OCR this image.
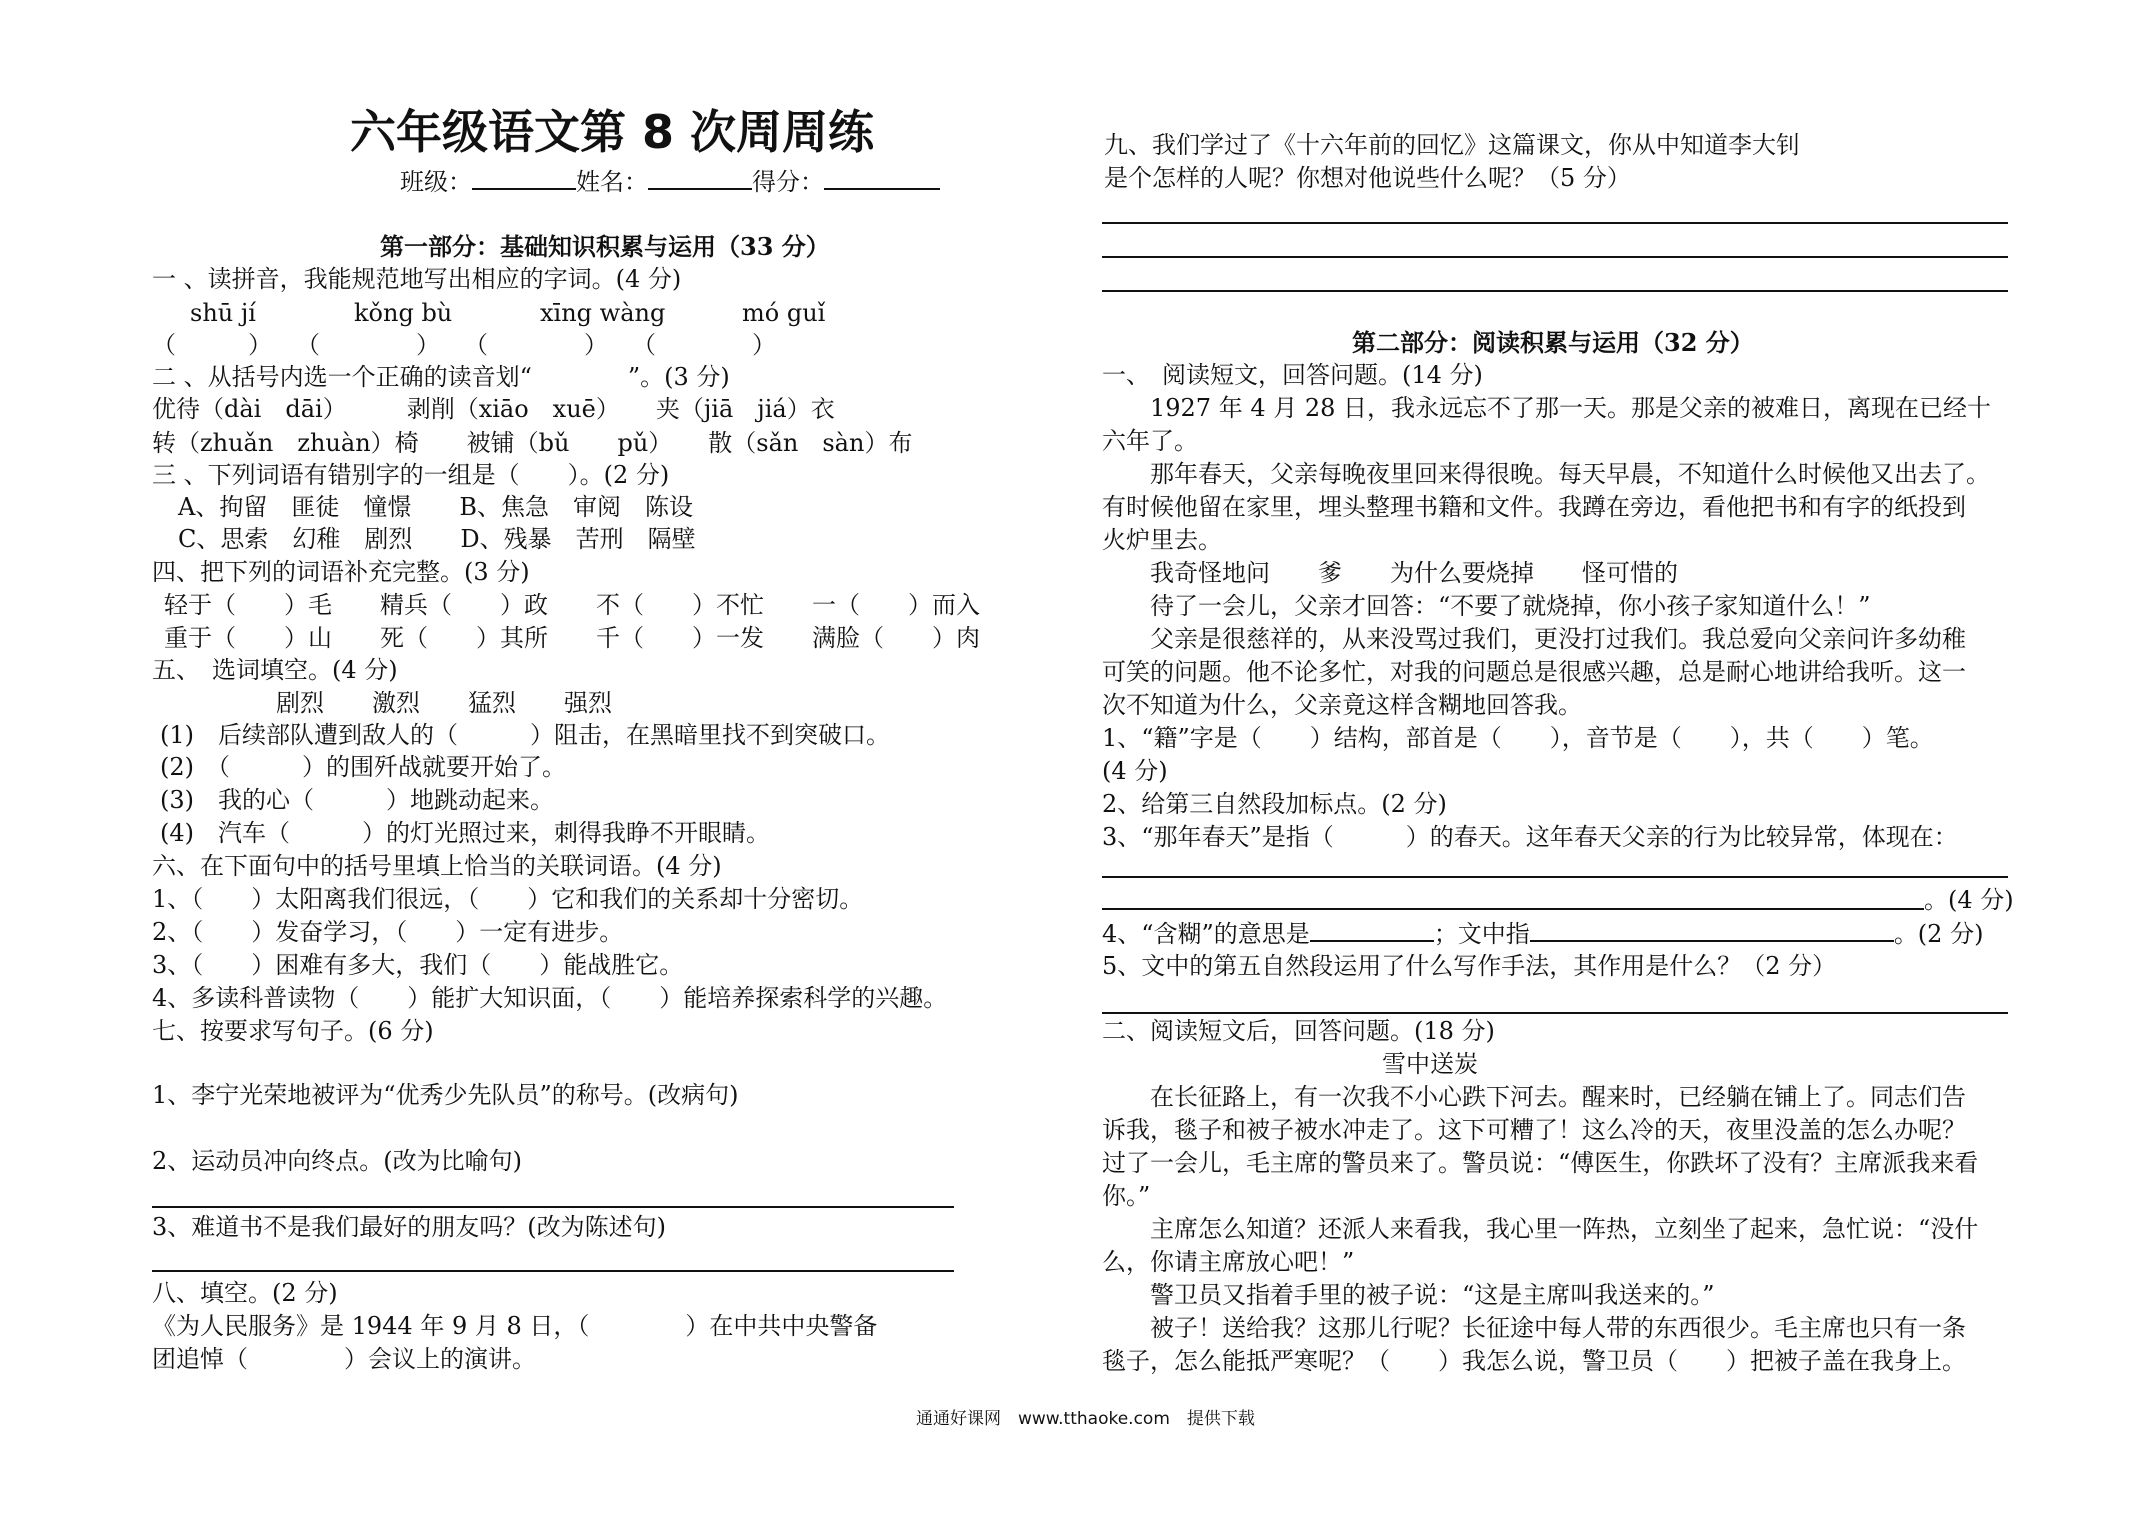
六年级语文第 8 次周周练
班级：	姓名：	得分：
第一部分：基础知识积累与运用（33 分）
一 、读拼音，我能规范地写出相应的字词。(4 分)
shū jí	kǒng bù	xīng wàng	mó guǐ
（　　　）　　（　　　　）　　（　　　　）　　（　　　　）
二 、从括号内选一个正确的读音划“　　　　”。(3 分)
优待（dài　dāi）　　　剥削（xiāo　xuē）　　夹（jiā　jiá）衣
转（zhuǎn　zhuàn）椅　　被铺（bǔ　　pǔ）　　散（sǎn　sàn）布
三 、下列词语有错别字的一组是（　　）。(2 分)
A、拘留　匪徒　憧憬　　B、焦急　审阅　陈设
C、思索　幻稚　剧烈　　D、残暴　苦刑　隔壁
四、把下列的词语补充完整。(3 分)
轻于（　　）毛　　精兵（　　）政　　不（　　）不忙　　一（　　）而入
重于（　　）山　　死（　　）其所　　千（　　）一发　　满脸（　　）肉
五、　选词填空。(4 分)
剧烈　　激烈　　猛烈　　强烈
(1)　后续部队遭到敌人的（　　　）阻击，在黑暗里找不到突破口。
(2)　（　　　）的围歼战就要开始了。
(3)　我的心（　　　）地跳动起来。
(4)　汽车（　　　）的灯光照过来，刺得我睁不开眼睛。
六、在下面句中的括号里填上恰当的关联词语。(4 分)
1、（　　）太阳离我们很远，（　　）它和我们的关系却十分密切。
2、（　　）发奋学习，（　　）一定有进步。
3、（　　）困难有多大，我们（　　）能战胜它。
4、多读科普读物（　　）能扩大知识面，（　　）能培养探索科学的兴趣。
七、按要求写句子。(6 分)
1、李宁光荣地被评为“优秀少先队员”的称号。(改病句)
2、运动员冲向终点。(改为比喻句)
3、难道书不是我们最好的朋友吗？(改为陈述句)
八、填空。(2 分)
《为人民服务》是 1944 年 9 月 8 日，（　　　　）在中共中央警备
团追悼（　　　　）会议上的演讲。
九、我们学过了《十六年前的回忆》这篇课文，你从中知道李大钊
是个怎样的人呢？你想对他说些什么呢？（5 分）
第二部分：阅读积累与运用（32 分）
一、　阅读短文，回答问题。(14 分)
　　1927 年 4 月 28 日，我永远忘不了那一天。那是父亲的被难日，离现在已经十
六年了。
　　那年春天，父亲每晚夜里回来得很晚。每天早晨，不知道什么时候他又出去了。
有时候他留在家里，埋头整理书籍和文件。我蹲在旁边，看他把书和有字的纸投到
火炉里去。
　　我奇怪地问　　爹　　为什么要烧掉　　怪可惜的
　　待了一会儿，父亲才回答：“不要了就烧掉，你小孩子家知道什么！”
　　父亲是很慈祥的，从来没骂过我们，更没打过我们。我总爱向父亲问许多幼稚
可笑的问题。他不论多忙，对我的问题总是很感兴趣，总是耐心地讲给我听。这一
次不知道为什么，父亲竟这样含糊地回答我。
1、“籍”字是（　　）结构，部首是（　　），音节是（　　），共（　　）笔。
(4 分)
2、给第三自然段加标点。(2 分)
3、“那年春天”是指（　　　）的春天。这年春天父亲的行为比较异常，体现在：
。(4 分)
4、“含糊”的意思是	；文中指	。(2 分)
5、文中的第五自然段运用了什么写作手法，其作用是什么？（2 分）
二、阅读短文后，回答问题。(18 分)
雪中送炭
　　在长征路上，有一次我不小心跌下河去。醒来时，已经躺在铺上了。同志们告
诉我，毯子和被子被水冲走了。这下可糟了！这么冷的天，夜里没盖的怎么办呢？
过了一会儿，毛主席的警员来了。警员说：“傅医生，你跌坏了没有？主席派我来看
你。”
　　主席怎么知道？还派人来看我，我心里一阵热，立刻坐了起来，急忙说：“没什
么，你请主席放心吧！”
　　警卫员又指着手里的被子说：“这是主席叫我送来的。”
　　被子！送给我？这那儿行呢？长征途中每人带的东西很少。毛主席也只有一条
毯子，怎么能抵严寒呢？（　　）我怎么说，警卫员（　　）把被子盖在我身上。
通通好课网　www.tthaoke.com　提供下载
